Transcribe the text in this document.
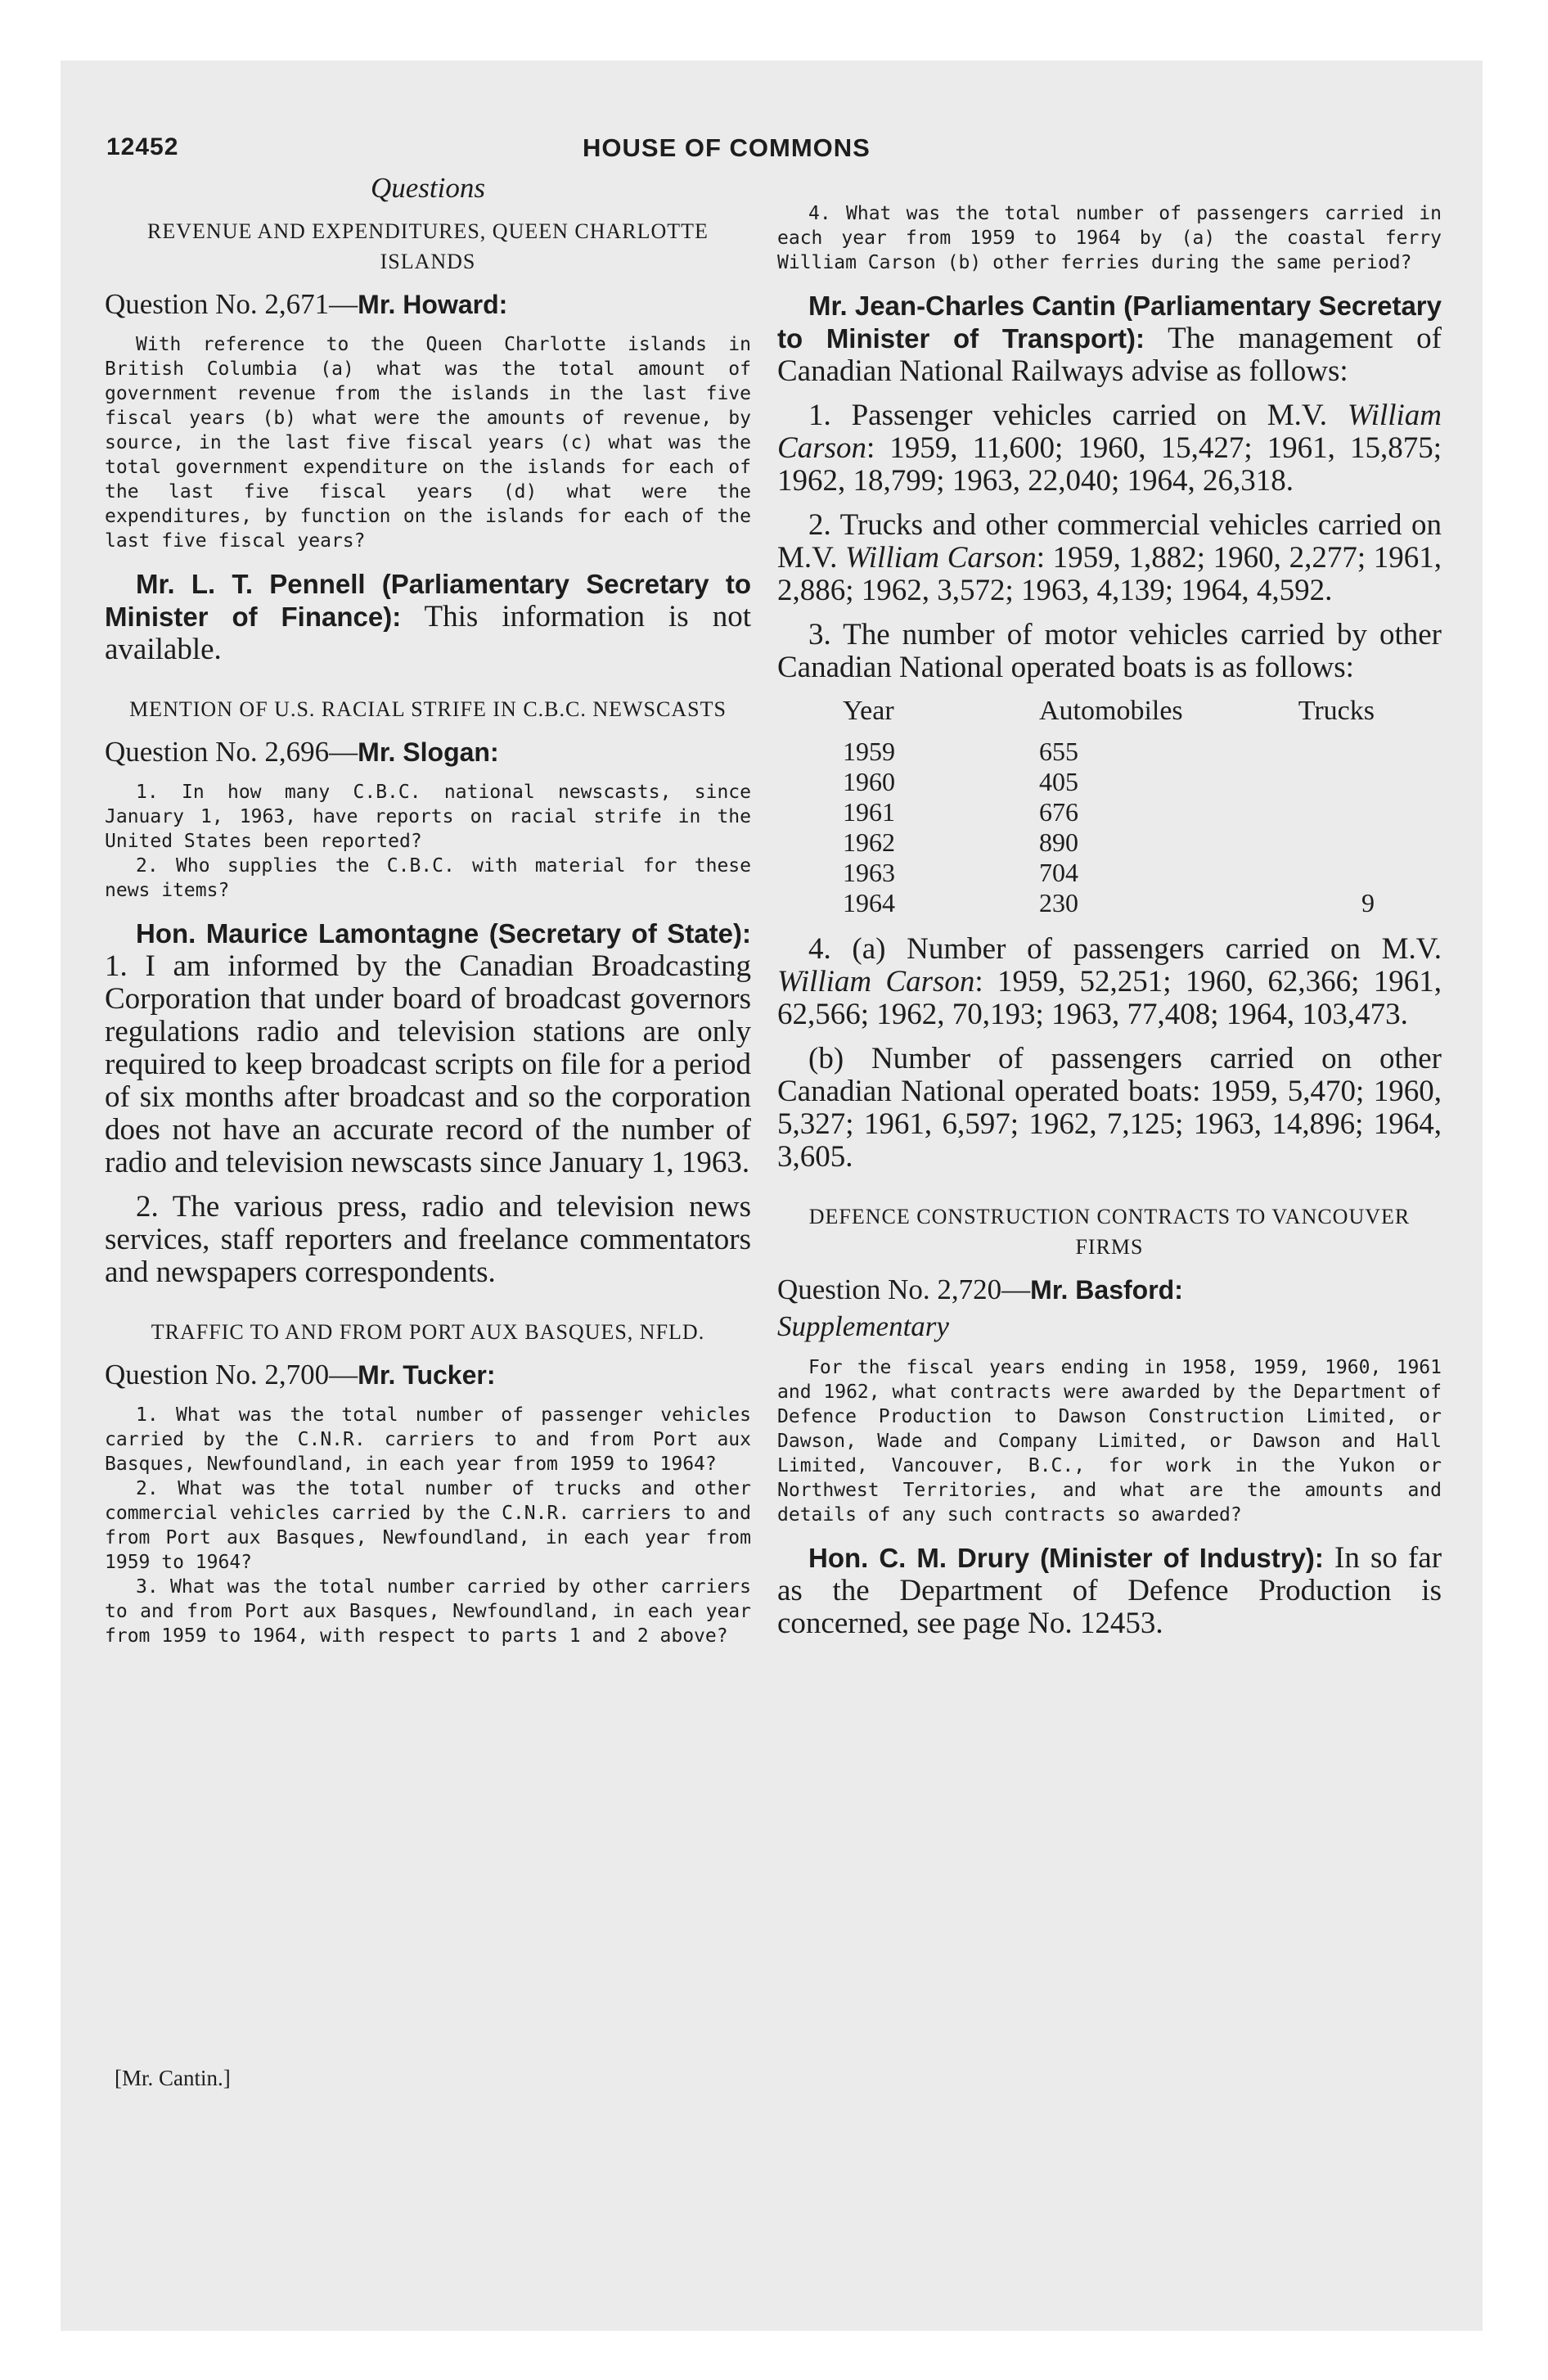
12452	HOUSE OF COMMONS
Questions
REVENUE AND EXPENDITURES, QUEEN CHARLOTTE ISLANDS
Question No. 2,671—Mr. Howard:

With reference to the Queen Charlotte islands in British Columbia (a) what was the total amount of government revenue from the islands in the last five fiscal years (b) what were the amounts of revenue, by source, in the last five fiscal years (c) what was the total government expenditure on the islands for each of the last five fiscal years (d) what were the expenditures, by function on the islands for each of the last five fiscal years?

Mr. L. T. Pennell (Parliamentary Secretary to Minister of Finance): This information is not available.

MENTION OF U.S. RACIAL STRIFE IN C.B.C. NEWSCASTS
Question No. 2,696—Mr. Slogan:

1. In how many C.B.C. national newscasts, since January 1, 1963, have reports on racial strife in the United States been reported?

2. Who supplies the C.B.C. with material for these news items?

Hon. Maurice Lamontagne (Secretary of State): 1. I am informed by the Canadian Broadcasting Corporation that under board of broadcast governors regulations radio and television stations are only required to keep broadcast scripts on file for a period of six months after broadcast and so the corporation does not have an accurate record of the number of radio and television newscasts since January 1, 1963.

2. The various press, radio and television news services, staff reporters and freelance commentators and newspapers correspondents.

TRAFFIC TO AND FROM PORT AUX BASQUES, NFLD.
Question No. 2,700—Mr. Tucker:

1. What was the total number of passenger vehicles carried by the C.N.R. carriers to and from Port aux Basques, Newfoundland, in each year from 1959 to 1964?

2. What was the total number of trucks and other commercial vehicles carried by the C.N.R. carriers to and from Port aux Basques, Newfoundland, in each year from 1959 to 1964?

3. What was the total number carried by other carriers to and from Port aux Basques, Newfoundland, in each year from 1959 to 1964, with respect to parts 1 and 2 above?

4. What was the total number of passengers carried in each year from 1959 to 1964 by (a) the coastal ferry William Carson (b) other ferries during the same period?

Mr. Jean-Charles Cantin (Parliamentary Secretary to Minister of Transport): The management of Canadian National Railways advise as follows:

1. Passenger vehicles carried on M.V. William Carson: 1959, 11,600; 1960, 15,427; 1961, 15,875; 1962, 18,799; 1963, 22,040; 1964, 26,318.

2. Trucks and other commercial vehicles carried on M.V. William Carson: 1959, 1,882; 1960, 2,277; 1961, 2,886; 1962, 3,572; 1963, 4,139; 1964, 4,592.

3. The number of motor vehicles carried by other Canadian National operated boats is as follows:

Year	Automobiles	Trucks
1959	655	
1960	405	
1961	676	
1962	890	
1963	704	
1964	230	9

4. (a) Number of passengers carried on M.V. William Carson: 1959, 52,251; 1960, 62,366; 1961, 62,566; 1962, 70,193; 1963, 77,408; 1964, 103,473.

(b) Number of passengers carried on other Canadian National operated boats: 1959, 5,470; 1960, 5,327; 1961, 6,597; 1962, 7,125; 1963, 14,896; 1964, 3,605.

DEFENCE CONSTRUCTION CONTRACTS TO VANCOUVER FIRMS
Question No. 2,720—Mr. Basford:
Supplementary

For the fiscal years ending in 1958, 1959, 1960, 1961 and 1962, what contracts were awarded by the Department of Defence Production to Dawson Construction Limited, or Dawson, Wade and Company Limited, or Dawson and Hall Limited, Vancouver, B.C., for work in the Yukon or Northwest Territories, and what are the amounts and details of any such contracts so awarded?

Hon. C. M. Drury (Minister of Industry): In so far as the Department of Defence Production is concerned, see page No. 12453.

[Mr. Cantin.]
